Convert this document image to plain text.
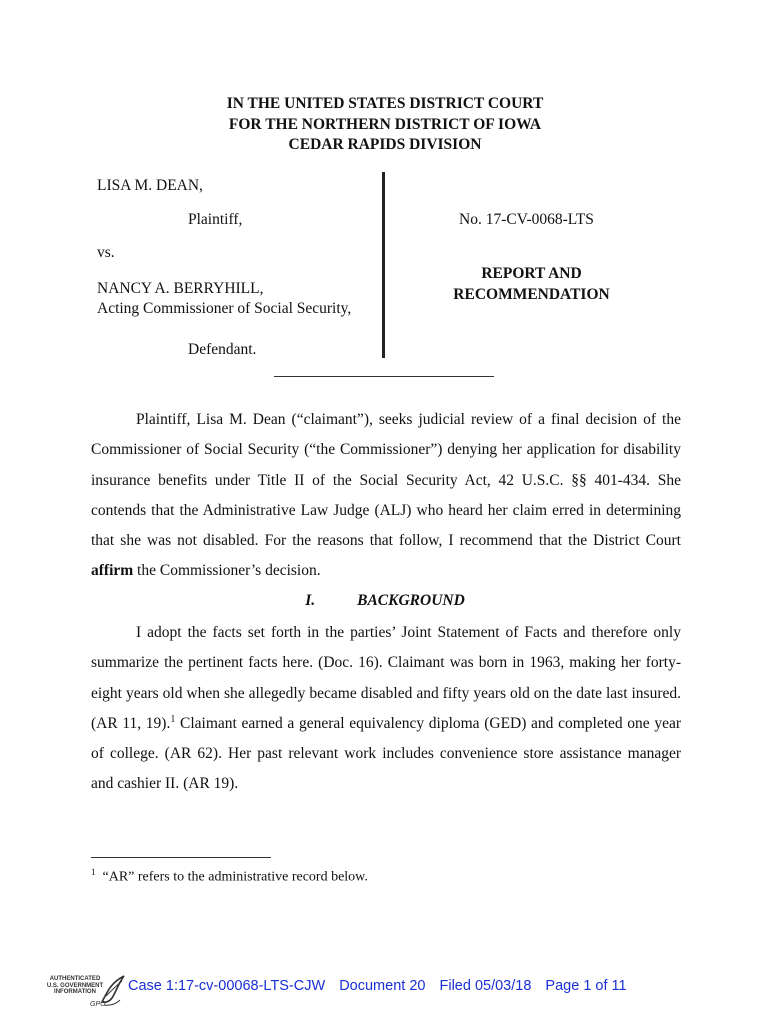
IN THE UNITED STATES DISTRICT COURT
FOR THE NORTHERN DISTRICT OF IOWA
CEDAR RAPIDS DIVISION
LISA M. DEAN,
Plaintiff,
vs.
NANCY A. BERRYHILL,
Acting Commissioner of Social Security,
Defendant.
No. 17-CV-0068-LTS
REPORT AND
RECOMMENDATION
Plaintiff, Lisa M. Dean (“claimant”), seeks judicial review of a final decision of the Commissioner of Social Security (“the Commissioner”) denying her application for disability insurance benefits under Title II of the Social Security Act, 42 U.S.C. §§ 401-434. She contends that the Administrative Law Judge (ALJ) who heard her claim erred in determining that she was not disabled. For the reasons that follow, I recommend that the District Court affirm the Commissioner’s decision.
I.	BACKGROUND
I adopt the facts set forth in the parties’ Joint Statement of Facts and therefore only summarize the pertinent facts here. (Doc. 16). Claimant was born in 1963, making her forty-eight years old when she allegedly became disabled and fifty years old on the date last insured. (AR 11, 19).$^1$ Claimant earned a general equivalency diploma (GED) and completed one year of college. (AR 62). Her past relevant work includes convenience store assistance manager and cashier II. (AR 19).
$^1$ “AR” refers to the administrative record below.
AUTHENTICATED U.S. GOVERNMENT INFORMATION
GPO
Case 1:17-cv-00068-LTS-CJW Document 20 Filed 05/03/18 Page 1 of 11
